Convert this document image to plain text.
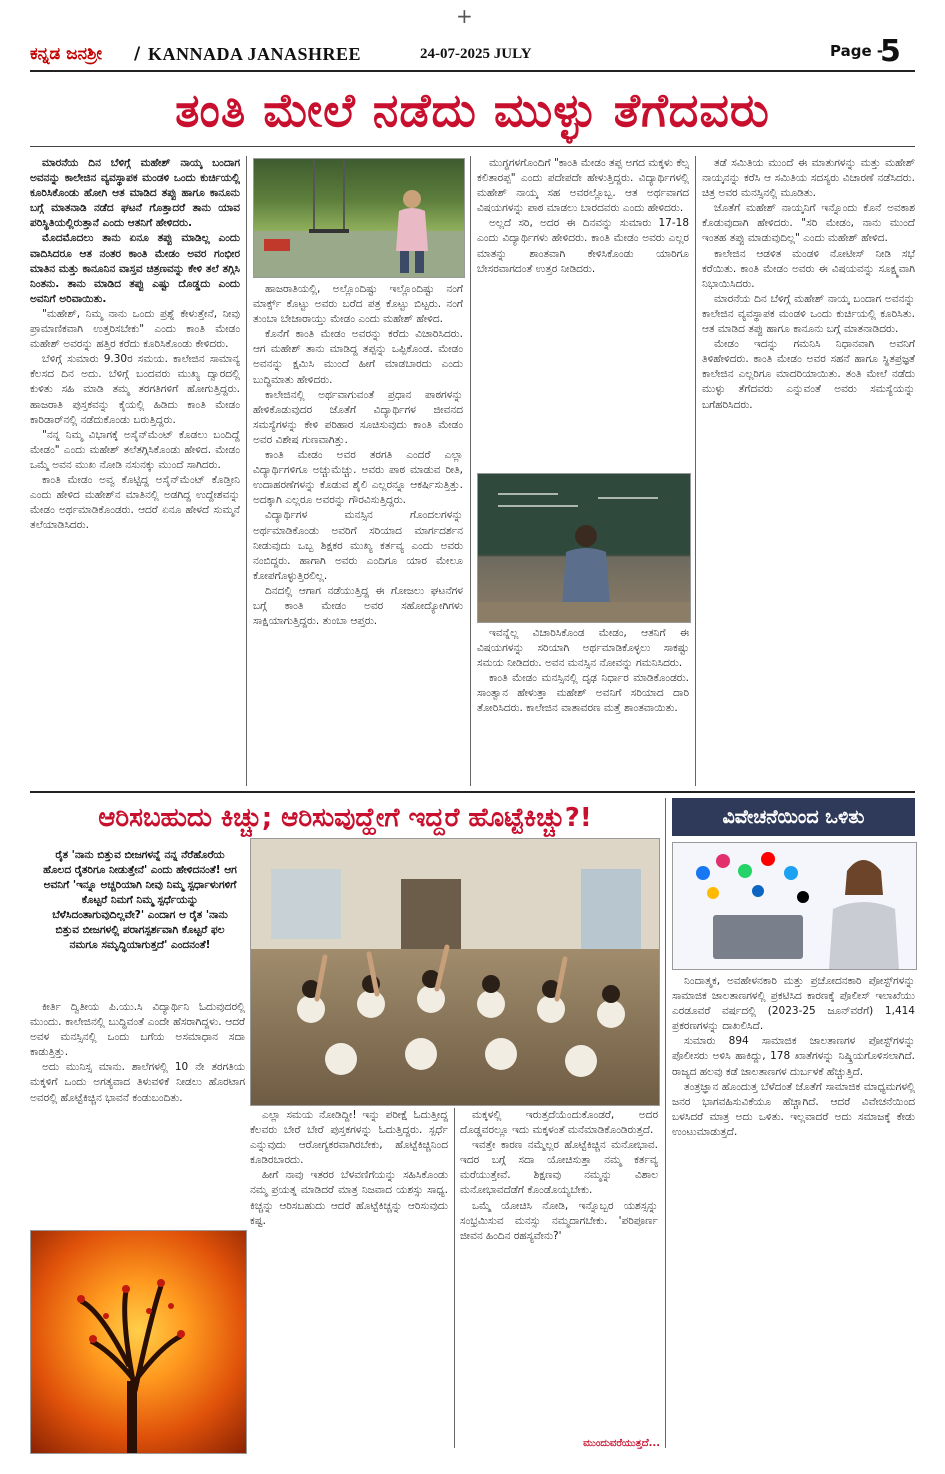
+
ಕನ್ನಡ ಜನಶ್ರೀ / KANNADA JANASHREE	24-07-2025 JULY	Page -
5
ತಂತಿ ಮೇಲೆ ನಡೆದು ಮುಳ್ಳು ತೆಗೆದವರು

ಮಾರನೆಯ ದಿನ ಬೆಳಿಗ್ಗೆ ಮಹೇಶ್ ನಾಯ್ಕ ಬಂದಾಗ ಅವನನ್ನು ಕಾಲೇಜಿನ ವ್ಯವಸ್ಥಾಪಕ ಮಂಡಳಿ ಒಂದು ಕುರ್ಚಿಯಲ್ಲಿ ಕೂರಿಸಿಕೊಂಡು ಹೋಗಿ ಆತ ಮಾಡಿದ ತಪ್ಪು ಹಾಗೂ ಕಾನೂನು ಬಗ್ಗೆ ಮಾತನಾಡಿ ನಡೆದ ಘಟನೆ ಗೊತ್ತಾದರೆ ತಾನು ಯಾವ ಪರಿಸ್ಥಿತಿಯಲ್ಲಿರುತ್ತಾನೆ ಎಂದು ಆತನಿಗೆ ಹೇಳಿದರು.

ಮೊದಮೊದಲು ತಾನು ಏನೂ ತಪ್ಪು ಮಾಡಿಲ್ಲ ಎಂದು ವಾದಿಸಿದರೂ ಆತ ನಂತರ ಕಾಂತಿ ಮೇಡಂ ಅವರ ಗಂಭೀರ ಮಾತಿನ ಮತ್ತು ಕಾನೂನಿನ ವಾಸ್ತವ ಚಿತ್ರಣವನ್ನು ಕೇಳಿ ತಲೆ ತಗ್ಗಿಸಿ ನಿಂತನು. ತಾನು ಮಾಡಿದ ತಪ್ಪು ಎಷ್ಟು ದೊಡ್ಡದು ಎಂದು ಅವನಿಗೆ ಅರಿವಾಯಿತು.

"ಮಹೇಶ್, ನಿಮ್ಮ ನಾನು ಒಂದು ಪ್ರಶ್ನೆ ಕೇಳುತ್ತೇನೆ, ನೀವು ಪ್ರಾಮಾಣಿಕವಾಗಿ ಉತ್ತರಿಸಬೇಕು" ಎಂದು ಕಾಂತಿ ಮೇಡಂ ಮಹೇಶ್ ಅವರನ್ನು ಹತ್ತಿರ ಕರೆದು ಕೂರಿಸಿಕೊಂಡು ಕೇಳಿದರು.

ಬೆಳಿಗ್ಗೆ ಸುಮಾರು 9.30ರ ಸಮಯ. ಕಾಲೇಜಿನ ಸಾಮಾನ್ಯ ಕೆಲಸದ ದಿನ ಅದು. ಬೆಳಿಗ್ಗೆ ಬಂದವರು ಮುಖ್ಯ ದ್ವಾರದಲ್ಲಿ ಕುಳಿತು ಸಹಿ ಮಾಡಿ ತಮ್ಮ ತರಗತಿಗಳಿಗೆ ಹೋಗುತ್ತಿದ್ದರು. ಹಾಜರಾತಿ ಪುಸ್ತಕವನ್ನು ಕೈಯಲ್ಲಿ ಹಿಡಿದು ಕಾಂತಿ ಮೇಡಂ ಕಾರಿಡಾರ್‌ನಲ್ಲಿ ನಡೆದುಕೊಂಡು ಬರುತ್ತಿದ್ದರು.

"ನನ್ನ ನಿಮ್ಮ ವಿಭಾಗಕ್ಕೆ ಅಸೈನ್‌ಮೆಂಟ್ ಕೊಡಲು ಬಂದಿದ್ದೆ ಮೇಡಂ" ಎಂದು ಮಹೇಶ್ ತಲೆತಗ್ಗಿಸಿಕೊಂಡು ಹೇಳಿದ. ಮೇಡಂ ಒಮ್ಮೆ ಅವನ ಮುಖ ನೋಡಿ ನಸುನಕ್ಕು ಮುಂದೆ ಸಾಗಿದರು.

ಕಾಂತಿ ಮೇಡಂ ಅವ್ವ ಕೊಟ್ಟಿದ್ದ ಅಸೈನ್‌ಮೆಂಟ್ ಕೊಡ್ತೀನಿ ಎಂದು ಹೇಳಿದ ಮಹೇಶ್‌ನ ಮಾತಿನಲ್ಲಿ ಅಡಗಿದ್ದ ಉದ್ದೇಶವನ್ನು ಮೇಡಂ ಅರ್ಥಮಾಡಿಕೊಂಡರು. ಆದರೆ ಏನೂ ಹೇಳದೆ ಸುಮ್ಮನೆ ತಲೆಯಾಡಿಸಿದರು.

ಹಾಜರಾತಿಯಲ್ಲಿ, ಅಲ್ಲೊಂದಿಷ್ಟು ಇಲ್ಲೊಂದಿಷ್ಟು ನಂಗೆ ಮಾರ್ಕ್ಸ್ ಕೊಟ್ಟು ಅವರು ಬರೆದ ಪತ್ರ ಕೊಟ್ಟು ಬಿಟ್ಟರು. ನಂಗೆ ತುಂಬಾ ಬೇಜಾರಾಯ್ತು ಮೇಡಂ ಎಂದು ಮಹೇಶ್ ಹೇಳಿದ.

ಕೊನೆಗೆ ಕಾಂತಿ ಮೇಡಂ ಅವರನ್ನು ಕರೆದು ವಿಚಾರಿಸಿದರು. ಆಗ ಮಹೇಶ್ ತಾನು ಮಾಡಿದ್ದ ತಪ್ಪನ್ನು ಒಪ್ಪಿಕೊಂಡ. ಮೇಡಂ ಅವನನ್ನು ಕ್ಷಮಿಸಿ ಮುಂದೆ ಹೀಗೆ ಮಾಡಬಾರದು ಎಂದು ಬುದ್ಧಿಮಾತು ಹೇಳಿದರು.

ಕಾಲೇಜಿನಲ್ಲಿ ಅರ್ಥವಾಗುವಂತೆ ಪ್ರಧಾನ ಪಾಠಗಳನ್ನು ಹೇಳಿಕೊಡುವುದರ ಜೊತೆಗೆ ವಿದ್ಯಾರ್ಥಿಗಳ ಜೀವನದ ಸಮಸ್ಯೆಗಳನ್ನು ಕೇಳಿ ಪರಿಹಾರ ಸೂಚಿಸುವುದು ಕಾಂತಿ ಮೇಡಂ ಅವರ ವಿಶೇಷ ಗುಣವಾಗಿತ್ತು.

ಕಾಂತಿ ಮೇಡಂ ಅವರ ತರಗತಿ ಎಂದರೆ ಎಲ್ಲಾ ವಿದ್ಯಾರ್ಥಿಗಳಿಗೂ ಅಚ್ಚುಮೆಚ್ಚು. ಅವರು ಪಾಠ ಮಾಡುವ ರೀತಿ, ಉದಾಹರಣೆಗಳನ್ನು ಕೊಡುವ ಶೈಲಿ ಎಲ್ಲರನ್ನೂ ಆಕರ್ಷಿಸುತ್ತಿತ್ತು. ಅದಕ್ಕಾಗಿ ಎಲ್ಲರೂ ಅವರನ್ನು ಗೌರವಿಸುತ್ತಿದ್ದರು.

ವಿದ್ಯಾರ್ಥಿಗಳ ಮನಸ್ಸಿನ ಗೊಂದಲಗಳನ್ನು ಅರ್ಥಮಾಡಿಕೊಂಡು ಅವರಿಗೆ ಸರಿಯಾದ ಮಾರ್ಗದರ್ಶನ ನೀಡುವುದು ಒಬ್ಬ ಶಿಕ್ಷಕರ ಮುಖ್ಯ ಕರ್ತವ್ಯ ಎಂದು ಅವರು ನಂಬಿದ್ದರು. ಹಾಗಾಗಿ ಅವರು ಎಂದಿಗೂ ಯಾರ ಮೇಲೂ ಕೋಪಗೊಳ್ಳುತ್ತಿರಲಿಲ್ಲ.

ದಿನದಲ್ಲಿ ಆಗಾಗ ನಡೆಯುತ್ತಿದ್ದ ಈ ಗೋಜಲು ಘಟನೆಗಳ ಬಗ್ಗೆ ಕಾಂತಿ ಮೇಡಂ ಅವರ ಸಹೋದ್ಯೋಗಿಗಳು ಸಾಕ್ಷಿಯಾಗುತ್ತಿದ್ದರು. ತುಂಬಾ ಆಪ್ತರು.

ಮುಗ್ಧಗಳಗೊಂದಿಗೆ "ಕಾಂತಿ ಮೇಡಂ ತಪ್ಪ ಅಗದ ಮಕ್ಕಳು ಕೆಲ್ಸ ಕಲಿತಾರಪ್ಪ" ಎಂದು ಪದೇಪದೇ ಹೇಳುತ್ತಿದ್ದರು. ವಿದ್ಯಾರ್ಥಿಗಳಲ್ಲಿ ಮಹೇಶ್ ನಾಯ್ಕ ಸಹ ಅವರಲ್ಲೊಬ್ಬ. ಆತ ಅರ್ಥವಾಗದ ವಿಷಯಗಳನ್ನು ಪಾಠ ಮಾಡಲು ಬಾರದವರು ಎಂದು ಹೇಳಿದರು.

ಅಲ್ಲದೆ ಸರಿ, ಅದರ ಈ ದಿನವನ್ನು ಸುಮಾರು 17-18 ಎಂದು ವಿದ್ಯಾರ್ಥಿಗಳು ಹೇಳಿದರು. ಕಾಂತಿ ಮೇಡಂ ಅವರು ಎಲ್ಲರ ಮಾತನ್ನು ಶಾಂತವಾಗಿ ಕೇಳಿಸಿಕೊಂಡು ಯಾರಿಗೂ ಬೇಸರವಾಗದಂತೆ ಉತ್ತರ ನೀಡಿದರು.

ಇವನ್ನೆಲ್ಲ ವಿಚಾರಿಸಿಕೊಂಡ ಮೇಡಂ, ಆತನಿಗೆ ಈ ವಿಷಯಗಳನ್ನು ಸರಿಯಾಗಿ ಅರ್ಥಮಾಡಿಕೊಳ್ಳಲು ಸಾಕಷ್ಟು ಸಮಯ ನೀಡಿದರು. ಅವನ ಮನಸ್ಸಿನ ನೋವನ್ನು ಗಮನಿಸಿದರು.

ಕಾಂತಿ ಮೇಡಂ ಮನಸ್ಸಿನಲ್ಲಿ ದೃಢ ನಿರ್ಧಾರ ಮಾಡಿಕೊಂಡರು. ಸಾಂತ್ವಾನ ಹೇಳುತ್ತಾ ಮಹೇಶ್ ಅವನಿಗೆ ಸರಿಯಾದ ದಾರಿ ತೋರಿಸಿದರು. ಕಾಲೇಜಿನ ವಾತಾವರಣ ಮತ್ತೆ ಶಾಂತವಾಯಿತು.

ತಡೆ ಸಮಿತಿಯ ಮುಂದೆ ಈ ಮಾತುಗಳನ್ನು ಮತ್ತು ಮಹೇಶ್ ನಾಯ್ಕನನ್ನು ಕರೆಸಿ ಆ ಸಮಿತಿಯ ಸದಸ್ಯರು ವಿಚಾರಣೆ ನಡೆಸಿದರು. ಚಿತ್ರ ಅವರ ಮನಸ್ಸಿನಲ್ಲಿ ಮೂಡಿತು.

ಜೊತೆಗೆ ಮಹೇಶ್ ನಾಯ್ಕನಿಗೆ ಇನ್ನೊಂದು ಕೊನೆ ಅವಕಾಶ ಕೊಡುವುದಾಗಿ ಹೇಳಿದರು. "ಸರಿ ಮೇಡಂ, ನಾನು ಮುಂದೆ ಇಂತಹ ತಪ್ಪು ಮಾಡುವುದಿಲ್ಲ" ಎಂದು ಮಹೇಶ್ ಹೇಳಿದ.

ಕಾಲೇಜಿನ ಆಡಳಿತ ಮಂಡಳಿ ನೋಟೀಸ್ ನೀಡಿ ಸಭೆ ಕರೆಯಿತು. ಕಾಂತಿ ಮೇಡಂ ಅವರು ಈ ವಿಷಯವನ್ನು ಸೂಕ್ಷ್ಮವಾಗಿ ನಿಭಾಯಿಸಿದರು.

ಮಾರನೆಯ ದಿನ ಬೆಳಿಗ್ಗೆ ಮಹೇಶ್ ನಾಯ್ಕ ಬಂದಾಗ ಅವನನ್ನು ಕಾಲೇಜಿನ ವ್ಯವಸ್ಥಾಪಕ ಮಂಡಳಿ ಒಂದು ಕುರ್ಚಿಯಲ್ಲಿ ಕೂರಿಸಿತು. ಆತ ಮಾಡಿದ ತಪ್ಪು ಹಾಗೂ ಕಾನೂನು ಬಗ್ಗೆ ಮಾತನಾಡಿದರು.

ಮೇಡಂ ಇದನ್ನು ಗಮನಿಸಿ ನಿಧಾನವಾಗಿ ಅವನಿಗೆ ತಿಳಿಹೇಳಿದರು. ಕಾಂತಿ ಮೇಡಂ ಅವರ ಸಹನೆ ಹಾಗೂ ಸ್ಥಿತಪ್ರಜ್ಞತೆ ಕಾಲೇಜಿನ ಎಲ್ಲರಿಗೂ ಮಾದರಿಯಾಯಿತು. ತಂತಿ ಮೇಲೆ ನಡೆದು ಮುಳ್ಳು ತೆಗೆದವರು ಎನ್ನುವಂತೆ ಅವರು ಸಮಸ್ಯೆಯನ್ನು ಬಗೆಹರಿಸಿದರು.

ಆರಿಸಬಹುದು ಕಿಚ್ಚು; ಆರಿಸುವುದ್ಹೇಗೆ ಇದ್ದರೆ ಹೊಟ್ಟೆಕಿಚ್ಚು?!
ರೈತ 'ನಾನು ಬಿತ್ತುವ ಬೀಜಗಳನ್ನೆ ನನ್ನ ನೆರೆಹೊರೆಯ ಹೊಲದ ರೈತರಿಗೂ ನೀಡುತ್ತೇನೆ' ಎಂದು ಹೇಳಿದನಂತೆ! ಆಗ ಅವನಿಗೆ 'ಇನ್ನೂ ಅಚ್ಚರಿಯಾಗಿ ನೀವು ನಿಮ್ಮ ಸ್ಪರ್ಧಾಳುಗಳಿಗೆ ಕೊಟ್ಟರೆ ನಿಮಗೆ ನಿಮ್ಮ ಸ್ಪರ್ಧೆಯನ್ನು ಬೆಳೆಸಿದಂತಾಗುವುದಿಲ್ಲವೇ?' ಎಂದಾಗ ಆ ರೈತ 'ನಾನು ಬಿತ್ತುವ ಬೀಜಗಳಲ್ಲಿ ಪರಾಗಸ್ಪರ್ಶವಾಗಿ ಕೊಟ್ಟರೆ ಫಲ ನಮಗೂ ಸಮೃದ್ಧಿಯಾಗುತ್ತದೆ' ಎಂದನಂತೆ!

ಕೀರ್ತಿ ದ್ವಿತೀಯ ಪಿ.ಯು.ಸಿ ವಿದ್ಯಾರ್ಥಿನಿ ಓದುವುದರಲ್ಲಿ ಮುಂದು. ಕಾಲೇಜಿನಲ್ಲಿ ಬುದ್ಧಿವಂತೆ ಎಂದೇ ಹೆಸರಾಗಿದ್ದಳು. ಆದರೆ ಅವಳ ಮನಸ್ಸಿನಲ್ಲಿ ಒಂದು ಬಗೆಯ ಅಸಮಾಧಾನ ಸದಾ ಕಾಡುತ್ತಿತ್ತು.

ಅದು ಮುನಿಸ್ಸ ಮಾನು. ಶಾಲೆಗಳಲ್ಲಿ 10 ನೇ ತರಗತಿಯ ಮಕ್ಕಳಿಗೆ ಒಂದು ಅಗತ್ಯವಾದ ತಿಳುವಳಿಕೆ ನೀಡಲು ಹೊರಟಾಗ ಅವರಲ್ಲಿ ಹೊಟ್ಟೆಕಿಚ್ಚಿನ ಭಾವನೆ ಕಂಡುಬಂದಿತು.

ಎಲ್ಲಾ ಸಮಯ ನೋಡಿದ್ದೀ! ಇನ್ನು ಪರೀಕ್ಷೆ ಓದುತ್ತೀದ್ದ ಕೆಲವರು ಬೇರೆ ಬೇರೆ ಪುಸ್ತಕಗಳನ್ನು ಓದುತ್ತಿದ್ದರು. ಸ್ಪರ್ಧೆ ಎನ್ನುವುದು ಆರೋಗ್ಯಕರವಾಗಿರಬೇಕು, ಹೊಟ್ಟೆಕಿಚ್ಚಿನಿಂದ ಕೂಡಿರಬಾರದು.

ಹೀಗೆ ನಾವು ಇತರರ ಬೆಳವಣಿಗೆಯನ್ನು ಸಹಿಸಿಕೊಂಡು ನಮ್ಮ ಪ್ರಯತ್ನ ಮಾಡಿದರೆ ಮಾತ್ರ ನಿಜವಾದ ಯಶಸ್ಸು ಸಾಧ್ಯ. ಕಿಚ್ಚನ್ನು ಆರಿಸಬಹುದು ಆದರೆ ಹೊಟ್ಟೆಕಿಚ್ಚನ್ನು ಆರಿಸುವುದು ಕಷ್ಟ.

ಮಕ್ಕಳಲ್ಲಿ ಇರುತ್ತದೆಯೆಂದುಕೊಂಡರೆ, ಅದರ ದೊಡ್ಡವರಲ್ಲೂ ಇದು ಮಕ್ಕಳಂತೆ ಮನೆಮಾಡಿಕೊಂಡಿರುತ್ತದೆ.

ಇವತ್ತೇ ಕಾರಣ ನಮ್ಮೆಲ್ಲರ ಹೊಟ್ಟೆಕಿಚ್ಚಿನ ಮನೋಭಾವ. ಇದರ ಬಗ್ಗೆ ಸದಾ ಯೋಚಿಸುತ್ತಾ ನಮ್ಮ ಕರ್ತವ್ಯ ಮರೆಯುತ್ತೇವೆ. ಶಿಕ್ಷಣವು ನಮ್ಮನ್ನು ವಿಶಾಲ ಮನೋಭಾವದೆಡೆಗೆ ಕೊಂಡೊಯ್ಯಬೇಕು.

ಒಮ್ಮೆ ಯೋಚಿಸಿ ನೋಡಿ, ಇನ್ನೊಬ್ಬರ ಯಶಸ್ಸನ್ನು ಸಂಭ್ರಮಿಸುವ ಮನಸ್ಸು ನಮ್ಮದಾಗಬೇಕು. 'ಪರಿಪೂರ್ಣ ಜೀವನ ಹಿಂದಿನ ರಹಸ್ಯವೇನು?'

ಮುಂದುವರೆಯುತ್ತದೆ...
ವಿವೇಚನೆಯಿಂದ ಒಳಿತು

ನಿಂದಾತ್ಮಕ, ಅವಹೇಳನಕಾರಿ ಮತ್ತು ಪ್ರಚೋದನಕಾರಿ ಪೋಸ್ಟ್‌ಗಳನ್ನು ಸಾಮಾಜಿಕ ಜಾಲತಾಣಗಳಲ್ಲಿ ಪ್ರಕಟಿಸಿದ ಕಾರಣಕ್ಕೆ ಪೊಲೀಸ್ ಇಲಾಖೆಯು ಎರಡೂವರೆ ವರ್ಷದಲ್ಲಿ (2023-25 ಜೂನ್‌ವರೆಗೆ) 1,414 ಪ್ರಕರಣಗಳನ್ನು ದಾಖಲಿಸಿದೆ.

ಸುಮಾರು 894 ಸಾಮಾಜಿಕ ಜಾಲತಾಣಗಳ ಪೋಸ್ಟ್‌ಗಳನ್ನು ಪೊಲೀಸರು ಅಳಿಸಿ ಹಾಕಿದ್ದು, 178 ಖಾತೆಗಳನ್ನು ನಿಷ್ಕ್ರಿಯಗೊಳಿಸಲಾಗಿದೆ. ರಾಜ್ಯದ ಹಲವು ಕಡೆ ಜಾಲತಾಣಗಳ ದುರ್ಬಳಕೆ ಹೆಚ್ಚುತ್ತಿದೆ.

ತಂತ್ರಜ್ಞಾನ ಹೊಂದುತ್ತ ಬೆಳೆದಂತೆ ಜೊತೆಗೆ ಸಾಮಾಜಿಕ ಮಾಧ್ಯಮಗಳಲ್ಲಿ ಜನರ ಭಾಗವಹಿಸುವಿಕೆಯೂ ಹೆಚ್ಚಾಗಿದೆ. ಆದರೆ ವಿವೇಚನೆಯಿಂದ ಬಳಸಿದರೆ ಮಾತ್ರ ಅದು ಒಳಿತು. ಇಲ್ಲವಾದರೆ ಅದು ಸಮಾಜಕ್ಕೆ ಕೇಡು ಉಂಟುಮಾಡುತ್ತದೆ.
